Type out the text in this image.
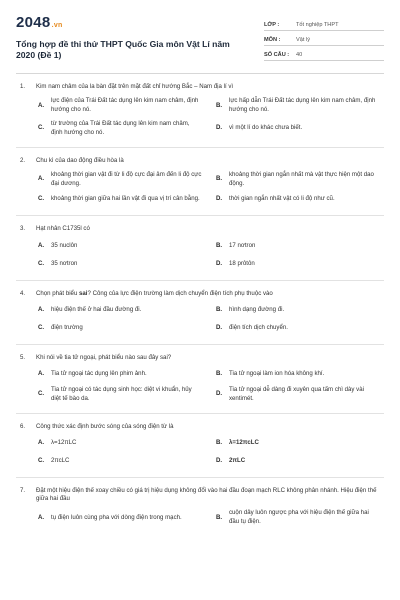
2048.vn
Tổng hợp đề thi thử THPT Quốc Gia môn Vật Lí năm 2020 (Đề 1)
LỚP :	Tốt nghiệp THPT
MÔN :	Vật lý
SỐ CÂU :	40
1.	Kim nam châm của la bàn đặt trên mặt đất chỉ hướng Bắc – Nam địa lí vì
A.
lực điện của Trái Đất tác dụng lên kim nam châm, định hướng cho nó.
B.
lực hấp dẫn Trái Đất tác dụng lên kim nam châm, định hướng cho nó.
C.
từ trường của Trái Đất tác dụng lên kim nam châm, định hướng cho nó.
D.	vì một lí do khác chưa biết.
2.	Chu kì của dao động điều hòa là
A.
khoảng thời gian vật đi từ li độ cực đại âm đến li độ cực đại dương.
B.
khoảng thời gian ngắn nhất mà vật thực hiện một dao động.
C.	khoảng thời gian giữa hai lần vật đi qua vị trí cân bằng.	D.	thời gian ngắn nhất vật có li độ như cũ.
3.	Hạt nhân C1735l có
A.	35 nuclôn	B.	17 nơtron
C.	35 nơtron	D.	18 prôtôn
4.	Chọn phát biểu sai? Công của lực điện trường làm dịch chuyển điện tích phụ thuộc vào
A.	hiệu điện thế ở hai đầu đường đi.	B.	hình dạng đường đi.
C.	điện trường	D.	điện tích dịch chuyển.
5.	Khi nói về tia tử ngoại, phát biểu nào sau đây sai?
A.	Tia tử ngoại tác dụng lên phim ảnh.	B.	Tia tử ngoại làm ion hóa không khí.
C.
Tia tử ngoại có tác dụng sinh học: diệt vi khuẩn, hủy diệt tế bào da.
D.
Tia tử ngoại dễ dàng đi xuyên qua tấm chì dày vài xentimét.
6.	Công thức xác định bước sóng của sóng điện từ là
A.	λ=12πLC	B.	λ=12πcLC
C.	2πcLC	D.	2πLC
7.	Đặt một hiệu điện thế xoay chiều có giá trị hiệu dụng không đổi vào hai đầu đoạn mạch RLC không phân nhánh. Hiệu điện thế giữa hai đầu
A.	tụ điện luôn cùng pha với dòng điện trong mạch.	B.
cuộn dây luôn ngược pha với hiệu điện thế giữa hai đầu tụ điện.
